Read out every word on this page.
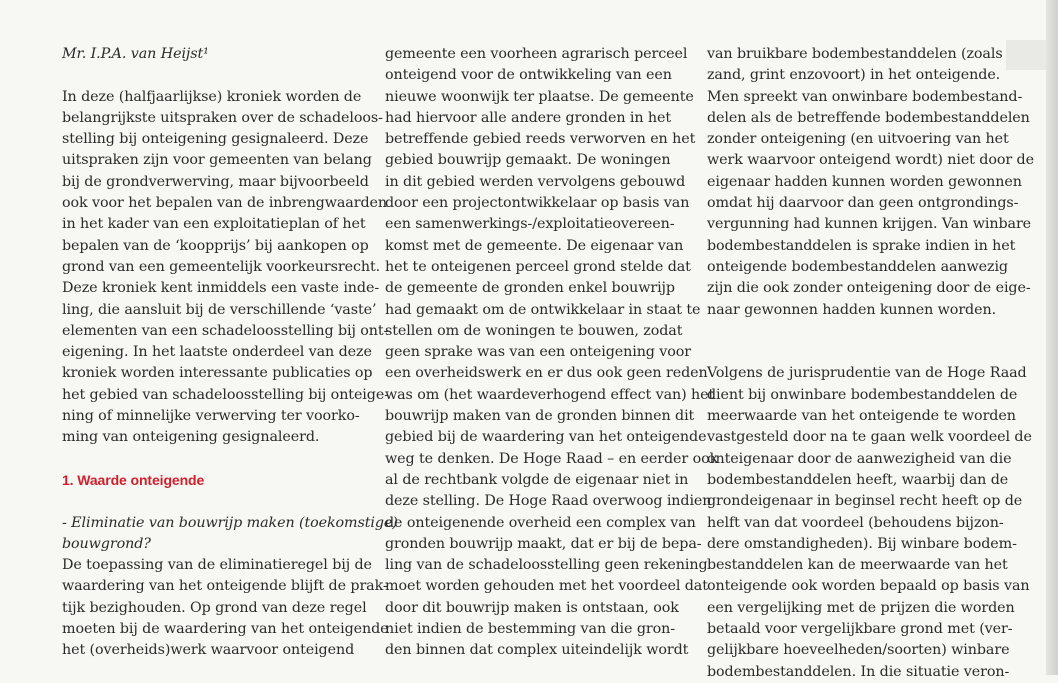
Mr. I.P.A. van Heijst¹
In deze (halfjaarlijkse) kroniek worden de
belangrijkste uitspraken over de schadeloos-
stelling bij onteigening gesignaleerd. Deze
uitspraken zijn voor gemeenten van belang
bij de grondverwerving, maar bijvoorbeeld
ook voor het bepalen van de inbrengwaarden
in het kader van een exploitatieplan of het
bepalen van de ‘koopprijs’ bij aankopen op
grond van een gemeentelijk voorkeursrecht.
Deze kroniek kent inmiddels een vaste inde-
ling, die aansluit bij de verschillende ‘vaste’
elementen van een schadeloosstelling bij ont-
eigening. In het laatste onderdeel van deze
kroniek worden interessante publicaties op
het gebied van schadeloosstelling bij onteige-
ning of minnelijke verwerving ter voorko-
ming van onteigening gesignaleerd.
1. Waarde onteigende
- Eliminatie van bouwrijp maken (toekomstige)
bouwgrond?
De toepassing van de eliminatieregel bij de
waardering van het onteigende blijft de prak-
tijk bezighouden. Op grond van deze regel
moeten bij de waardering van het onteigende
het (overheids)werk waarvoor onteigend
gemeente een voorheen agrarisch perceel
onteigend voor de ontwikkeling van een
nieuwe woonwijk ter plaatse. De gemeente
had hiervoor alle andere gronden in het
betreffende gebied reeds verworven en het
gebied bouwrijp gemaakt. De woningen
in dit gebied werden vervolgens gebouwd
door een projectontwikkelaar op basis van
een samenwerkings-/exploitatieovereen-
komst met de gemeente. De eigenaar van
het te onteigenen perceel grond stelde dat
de gemeente de gronden enkel bouwrijp
had gemaakt om de ontwikkelaar in staat te
stellen om de woningen te bouwen, zodat
geen sprake was van een onteigening voor
een overheidswerk en er dus ook geen reden
was om (het waardeverhogend effect van) het
bouwrijp maken van de gronden binnen dit
gebied bij de waardering van het onteigende
weg te denken. De Hoge Raad – en eerder ook
al de rechtbank volgde de eigenaar niet in
deze stelling. De Hoge Raad overwoog indien
de onteigenende overheid een complex van
gronden bouwrijp maakt, dat er bij de bepa-
ling van de schadeloosstelling geen rekening
moet worden gehouden met het voordeel dat
door dit bouwrijp maken is ontstaan, ook
niet indien de bestemming van die gron-
den binnen dat complex uiteindelijk wordt
van bruikbare bodembestanddelen (zoals
zand, grint enzovoort) in het onteigende.
Men spreekt van onwinbare bodembestand-
delen als de betreffende bodembestanddelen
zonder onteigening (en uitvoering van het
werk waarvoor onteigend wordt) niet door de
eigenaar hadden kunnen worden gewonnen
omdat hij daarvoor dan geen ontgrondings-
vergunning had kunnen krijgen. Van winbare
bodembestanddelen is sprake indien in het
onteigende bodembestanddelen aanwezig
zijn die ook zonder onteigening door de eige-
naar gewonnen hadden kunnen worden.
Volgens de jurisprudentie van de Hoge Raad
dient bij onwinbare bodembestanddelen de
meerwaarde van het onteigende te worden
vastgesteld door na te gaan welk voordeel de
onteigenaar door de aanwezigheid van die
bodembestanddelen heeft, waarbij dan de
grondeigenaar in beginsel recht heeft op de
helft van dat voordeel (behoudens bijzon-
dere omstandigheden). Bij winbare bodem-
bestanddelen kan de meerwaarde van het
onteigende ook worden bepaald op basis van
een vergelijking met de prijzen die worden
betaald voor vergelijkbare grond met (ver-
gelijkbare hoeveelheden/soorten) winbare
bodembestanddelen. In die situatie veron-
